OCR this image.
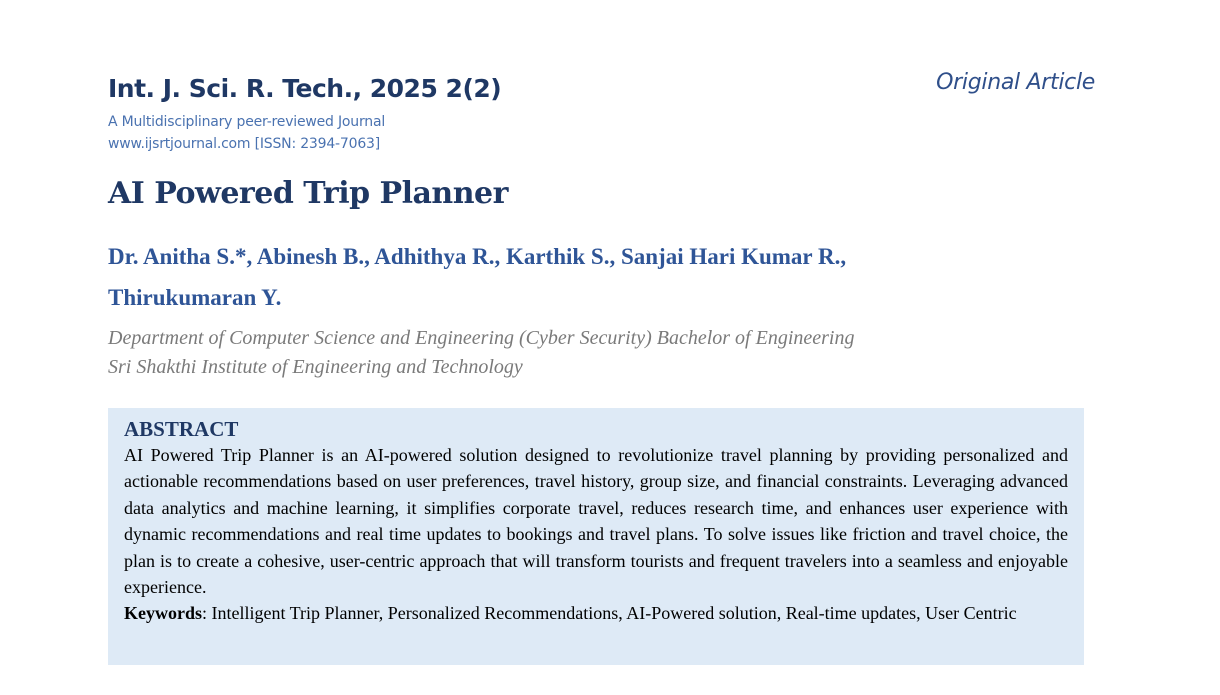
Int. J. Sci. R. Tech., 2025 2(2)	Original Article
A Multidisciplinary peer-reviewed Journal
www.ijsrtjournal.com [ISSN: 2394-7063]
AI Powered Trip Planner
Dr. Anitha S.*, Abinesh B., Adhithya R., Karthik S., Sanjai Hari Kumar R.,
Thirukumaran Y.
Department of Computer Science and Engineering (Cyber Security) Bachelor of Engineering
Sri Shakthi Institute of Engineering and Technology

ABSTRACT

AI Powered Trip Planner is an AI-powered solution designed to revolutionize travel planning by providing personalized and actionable recommendations based on user preferences, travel history, group size, and financial constraints. Leveraging advanced data analytics and machine learning, it simplifies corporate travel, reduces research time, and enhances user experience with dynamic recommendations and real time updates to bookings and travel plans. To solve issues like friction and travel choice, the plan is to create a cohesive, user-centric approach that will transform tourists and frequent travelers into a seamless and enjoyable experience.

Keywords: Intelligent Trip Planner, Personalized Recommendations, AI-Powered solution, Real-time updates, User Centric
